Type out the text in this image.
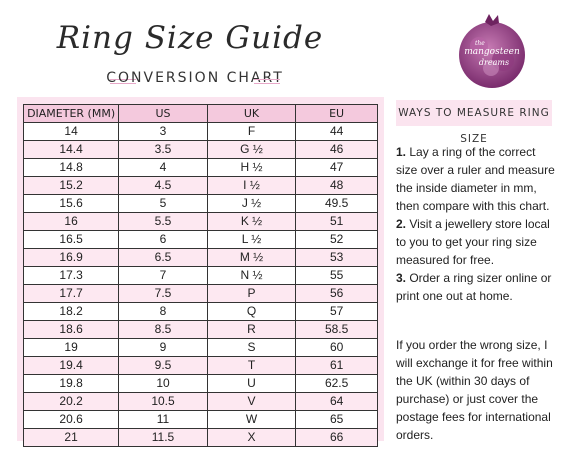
Ring Size Guide
CONVERSION CHART
mangosteen
dreams
the
DIAMETER (MM)	US	UK	EU
14	3	F	44
14.4	3.5	G ½	46
14.8	4	H ½	47
15.2	4.5	I ½	48
15.6	5	J ½	49.5
16	5.5	K ½	51
16.5	6	L ½	52
16.9	6.5	M ½	53
17.3	7	N ½	55
17.7	7.5	P	56
18.2	8	Q	57
18.6	8.5	R	58.5
19	9	S	60
19.4	9.5	T	61
19.8	10	U	62.5
20.2	10.5	V	64
20.6	11	W	65
21	11.5	X	66
WAYS TO MEASURE RING SIZE

1. Lay a ring of the correct size over a ruler and measure the inside diameter in mm, then compare with this chart.

2. Visit a jewellery store local to you to get your ring size measured for free.

3. Order a ring sizer online or print one out at home.

If you order the wrong size, I will exchange it for free within the UK (within 30 days of purchase) or just cover the postage fees for international orders.
